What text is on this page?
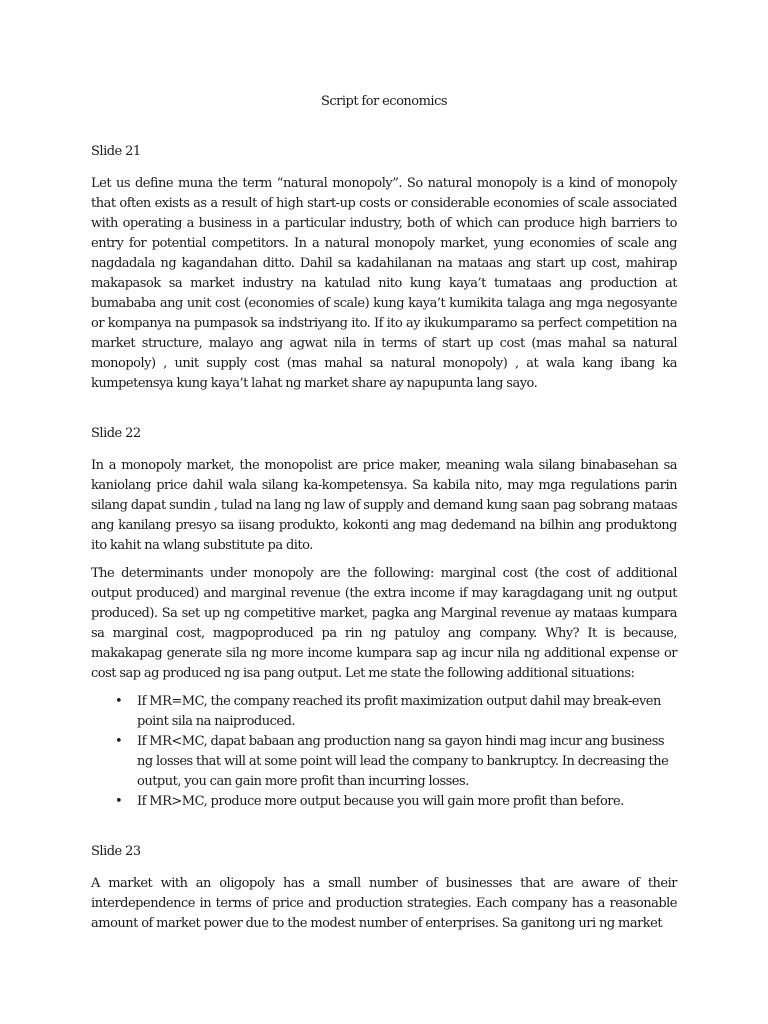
Script for economics
Slide 21

Let us define muna the term “natural monopoly”. So natural monopoly is a kind of monopoly that often exists as a result of high start-up costs or considerable economies of scale associated with operating a business in a particular industry, both of which can produce high barriers to entry for potential competitors. In a natural monopoly market, yung economies of scale ang nagdadala ng kagandahan ditto. Dahil sa kadahilanan na mataas ang start up cost, mahirap makapasok sa market industry na katulad nito kung kaya’t tumataas ang production at bumababa ang unit cost (economies of scale) kung kaya’t kumikita talaga ang mga negosyante or kompanya na pumpasok sa indstriyang ito. If ito ay ikukumparamo sa perfect competition na market structure, malayo ang agwat nila in terms of start up cost (mas mahal sa natural monopoly) , unit supply cost (mas mahal sa natural monopoly) , at wala kang ibang ka kumpetensya kung kaya’t lahat ng market share ay napupunta lang sayo.

Slide 22

In a monopoly market, the monopolist are price maker, meaning wala silang binabasehan sa kaniolang price dahil wala silang ka-kompetensya. Sa kabila nito, may mga regulations parin silang dapat sundin , tulad na lang ng law of supply and demand kung saan pag sobrang mataas ang kanilang presyo sa iisang produkto, kokonti ang mag dedemand na bilhin ang produktong ito kahit na wlang substitute pa dito.

The determinants under monopoly are the following: marginal cost (the cost of additional output produced) and marginal revenue (the extra income if may karagdagang unit ng output produced). Sa set up ng competitive market, pagka ang Marginal revenue ay mataas kumpara sa marginal cost, magpoproduced pa rin ng patuloy ang company. Why? It is because, makakapag generate sila ng more income kumpara sap ag incur nila ng additional expense or cost sap ag produced ng isa pang output. Let me state the following additional situations:

• If MR=MC, the company reached its profit maximization output dahil may break-even point sila na naiproduced.
• If MR<MC, dapat babaan ang production nang sa gayon hindi mag incur ang business ng losses that will at some point will lead the company to bankruptcy. In decreasing the output, you can gain more profit than incurring losses.
• If MR>MC, produce more output because you will gain more profit than before.
Slide 23

A market with an oligopoly has a small number of businesses that are aware of their interdependence in terms of price and production strategies. Each company has a reasonable amount of market power due to the modest number of enterprises. Sa ganitong uri ng market
